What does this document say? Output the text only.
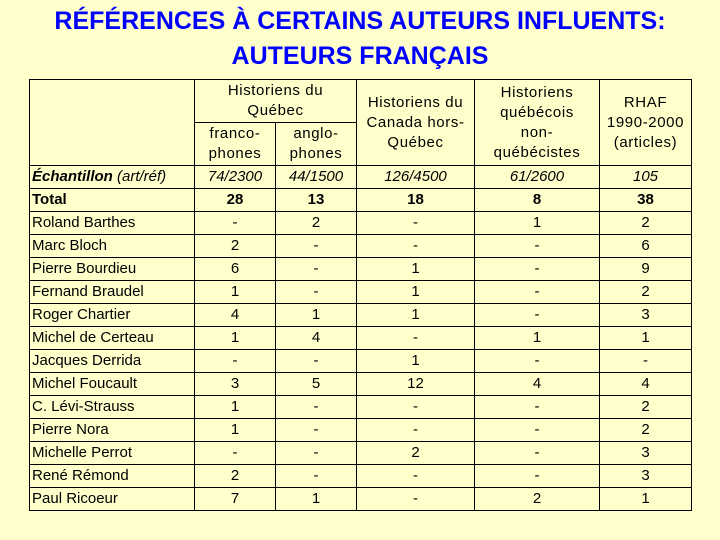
RÉFÉRENCES À CERTAINS AUTEURS INFLUENTS:
AUTEURS FRANÇAIS

	Historiens du Québec		Historiens du Canada hors-Québec	Historiens québécois non-québécistes	RHAF 1990-2000 (articles)

	franco-phones	anglo-phones			

Échantillon (art/réf)	74/2300	44/1500	126/4500	61/2600	105
Total	28	13	18	8	38
Roland Barthes	-	2	-	1	2
Marc Bloch	2	-	-	-	6
Pierre Bourdieu	6	-	1	-	9
Fernand Braudel	1	-	1	-	2
Roger Chartier	4	1	1	-	3
Michel de Certeau	1	4	-	1	1
Jacques Derrida	-	-	1	-	-
Michel Foucault	3	5	12	4	4
C. Lévi-Strauss	1	-	-	-	2
Pierre Nora	1	-	-	-	2
Michelle Perrot	-	-	2	-	3
René Rémond	2	-	-	-	3
Paul Ricoeur	7	1	-	2	1
